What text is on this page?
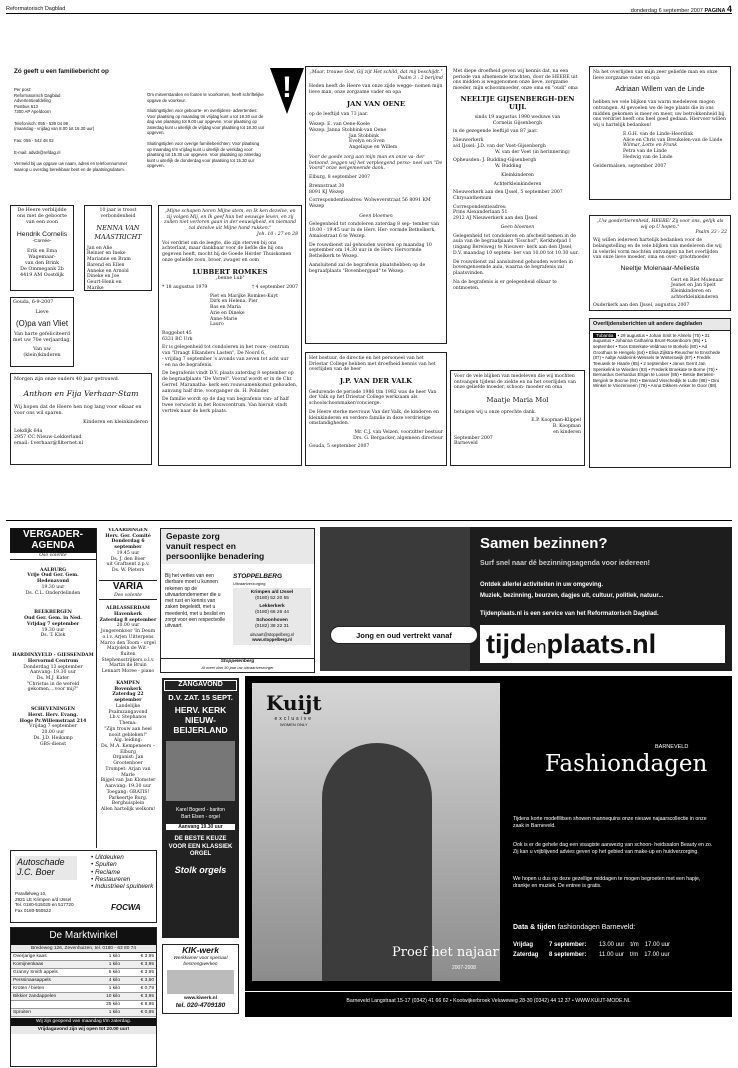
Reformatorisch Dagblad	donderdag 6 september 2007 PAGINA 4
Zó geeft u een familiebericht op
Per post:
Reformatorisch Dagblad
Advertentieafdeling
Postbus 613
7300 AP Apeldoorn
Telefonisch: 055 - 539 04 99
(maandag - vrijdag van 8.00 tot 16.30 uur)
Fax: 055 - 542 48 02
E-mail: advdr@refdag.nl
Vermeld bij uw opgave uw naam, adres en telefoonnummer waarop u overdag bereikbaar bent en de plaatsingsdatum.
Om misverstanden en fouten te voorkomen, heeft schriftelijke opgave de voorkeur.
Sluitingstijden voor geboorte- en overlijdens- advertenties: Voor plaatsing op maandag tm vrijdag kunt u tot 18.30 uur de dag van plaatsing tot 9.00 uur opgeven. Voor plaatsing op zaterdag kunt u uiterlijk de vrijdag voor plaatsing tot 18.30 uur opgeven.
Sluitingstijden voor overige familieberichten: Voor plaatsing op maandag t/m vrijdag kunt u uiterlijk de werkdag voor plaatsing tot 15.30 uur opgeven. Voor plaatsing op zaterdag kunt u uiterlijk de donderdag voor plaatsing tot 15.30 uur opgeven.
!
De Heere verblijdde
ons met de geboorte
van een zoon
Hendrik Cornelis
-Cornée-
Erik en Ema
Wagemaar-
van den Brink
De Ommegank 2b
4419 AM Oostdijk
10 jaar is troost
verbondenheid
NENNA VAN MAASTRICHT
Jan en Alie
Reinier en Ineke
Marianne en Bram
Barend en Ellen
Anneke en Arnold
Dineke en Joe
Geurt-Henk en
Marike
Gouda, 6-9-2007
Lieve
(O)pa van Vliet
Van harte gefeliciteerd
met uw 70e verjaardag.
Van uw
(klein)kinderen
Morgen zijn onze ouders 40 jaar getrouwd.
Anthon en Fija Verhaar-Stam
Wij hopen dat de Heere hen nog lang voor elkaar en voor ons wil sparen.
Kinderen en kleinkinderen
Lekdijk 64a
2957 CC Nieuw-Lekkerland
email: f.verhaar@filternet.nl
„Mijne schapen horen Mijne stem, en Ik ken dezelve, en zij volgen Mij, en Ik geef hun het eeuwige leven, en zij zullen niet verloren gaan in der eeuwigheid, en niemand zal dezelve uit Mijne hand rukken."
Joh. 10 : 27 en 28
Voi verdriet om de leegte, die zijn sterven bij ons achterlaat, maar dankbaar voor de liefde die hij ons gegeven heeft, mocht hij de Goede Herder Thuiskomen onze geliefde zoon, broer, zwager en oom
LUBBERT ROMKES
„benne Lub"
* 18 augustus 1979	† 4 september 2007
Piet en Marijke Romkes-Kuyt
Dirk en Helena, Pier
Bas en Maria
Arie en Dineke
Anne-Marie
Lauro
Roggebot 45
6331 BC Urk
Er is gelegenheid tot condoleren in het rouw- centrum van "Draagt Elkanders Lasten", De Noord 6,
- vrijdag 7 september 's avonds van zeven tot acht uur
- en na de begrafenis.
De begrafenis vindt D.V. plaats zaterdag 8 september op de begraafplaats "De Vorrel". Vooraf wordt er in de Chr. Gerref. Maranatha- kerk een rouwsamenkomst gehouden, aanvang half drie, voorganger ds. H. Polinder.
De familie wordt op de dag van begrafenis van- af half twee verwacht in het Rouwcentrum. Van hieruit vindt vertrek naar de kerk plaats.
„Maar, trouwe God, Gij zijt Het schild, dat mij beschijdt."
Psalm 3 : 2 berijmd
Heden heeft de Heere van onze zijde wegge- nomen mijn lieve man, onze zorgzame vader en opa
JAN VAN OENE
op de leeftijd van 73 jaar.
Wezep: E. van Oene-Koele
Wezep: Janna Stobbink-van Oene
Jan Stobbink
Evelyn en Sven
Angelique en Willem
Voor de goede zorg aan mijn man en onze va- der betoond, zeggen wij het verpleegend perso- neel van "De Voord" onze welgemeende dank.
Elburg, 8 september 2007
Brennstraat 30
8091 KJ Wezep
Correspondentieadres: Wolweverstraat 56 8091 KM Wezep
Geen bloemen
Gelegenheid tot condoleren zaterdag 8 sep- tember van 19.00 - 19.45 uur in de Herv. Her- vormde Bethelkerk, Amalostraat 6 te Wezep.
De rouwdienst zal gehouden worden op maandag 10 september om 14.30 uur in de Herv. Hervormde Bethelkerk te Wezep.
Aansluitend zal de begrafenis plaatshebben op de begraafplaats "Bovenbergpad" te Wezep.
Het bestuur, de directie en het personeel van het Driestar College hebben met droefheid kennis van het overlijden van de heer
J.P. VAN DER VALK
Gedurende de periode 1986 t/m 1982 was de heer Van der Valk op het Driestar College werkzaam als schoolschoonmaker/concierge.
De Heere sterke mevrouw Van der Valk, de kinderen en kleinkinderen en verdere familie in deze verdrietige omstandigheden.
Mr. C.J. van Velzen, voorzitter bestuur
Drs. G. Bergacker, algemeen directeur
Gouda, 5 september 2007
Met diepe droefheid geven wij kennis dat, na een periode van afnemende krachten, door de HEERE uit ons midden is weggenomen onze lieve, zorgzame moeder, mijn schoonmoeder, onze oma en "oudi" oma
NEELTJE GIJSENBERGH-DEN UIJL
sinds 19 augustus 1990 weduwe van
Cornelis Gijsenbergh
in de gezegende leeftijd van 87 jaar.
Nieuwerkerk
a/d IJssel: J.D. van der Voet-Gijsenbergh
W. van der Voet (in herinnering)
Opheusden: J. Budding-Gijsenbergh
W. Budding
Kleinkinderen
Achterkleinkinderen
Nieuwerkerk aan den IJssel, 5 september 2007
Chrysanthemum
Correspondentieadres:
Prins Alexanderlaan 51
2912 AJ Nieuwerkerk aan den IJssel
Geen bloemen
Gelegenheid tot condoleren en afscheid nemen in de aula van de begraafplaats "Esschof", Kerkhofpad 1 (ingang Bereiweg) te Nieuwer- kerk aan den IJssel, D.V. maandag 10 septem- ber van 10.00 tot 10.30 uur.
De rouwdienst zal aansluitend gehouden worden in bovengenoemde aula, waarna de begrafenis zal plaatsvinden.
Na de begrafenis is er gelegenheid elkaar te ontmoeten.
Voor de vele blijken van medeleven die wij mochten ontvangen tijdens de ziekte en na het overlijden van onze geliefde moeder, schoon- moeder en oma
Maatje Maria Mol
betuigen wij u onze oprechte dank.
E.P. Koopman-Klippel
B. Koopman
en kinderen
September 2007
Barneveld
Na het overlijden van mijn zeer geliefde man en onze lieve zorgzame vader en opa
Adriaan Willem van de Linde
hebben we vele blijken van warm medeleven mogen ontvangen. Al gevoelen we de lege plaats die in ons midden gekomen is meer en meer, uw betrokkenheid bij ons verdriet heeft ons heel goed gedaan. Hiervoor willen wij u hartelijk bedanken!
E.G.H. van de Linde-Heerdink
Alice en Chris van Breukelen-van de Linde
Wilmar, Lotte en Frank
Petra van de Linde
Hedwig van de Linde
Geldermalsen, september 2007
„Uw goedertierenheid, HEERE! Zij voor ons, gelijk als wij op U hopen."
Psalm 33 : 22
Wij willen iedereen hartelijk bedanken voor de belangstelling en de vele blijken van medeleven die wij in velerlei vorm mochten ontvangen na het overlijden van onze lieve moeder, oma en over- grootmoeder
Neeltje Molenaar-Melieste
Gert en Riet Molenaar
Jeanet en Jan Spelt
Kleinkinderen en
achterkleinkinderen
Ouderkerk aan den IJssel, augustus 2007
Overlijdensberichten uit andere dagbladen
Tubantia • 29 augustus • Johan Smit te Almelo (75) • 31 augustus • Johanna Catharina Brunt-Rosenboom (85) • 1 september • Toos Esterkate-Veldman te Borkelo (80) • Ad Groothuis te Hengelo (64) • Elisa Zijlstra-Reuscher te Enschede (87) • Aaltje Aalderink-Wessels te Winterswijk (87) • Fredrik Teeuwsk te Haarle (85) • 2 september • Janus Gerrit Jan Spenkelink te Wierden (93) • Frederik Broekate te Borne (76) • Bernardus Gerhardus Elsjan te Losser (85) • Betsie Bertelen-Bergink te Bocme (84) • Bernard Visschedijk te Lutte (88) • Dini Winkel te Vriezenveen (79) • Anna Dikkers-Anker te Goor (88).
VERGADER-AGENDA
Oso volente
AALBURG
Vrije Oud Ger. Gem.
Hedenavond
19.30 uur
Ds. C.L. Onderdelinden
BEEKBERGEN
Oud Ger. Gem. in Ned.
Vrijdag 7 september
19.30 uur
Ds. T. Klok
HARDINXVELD - GIESSENDAM
Hervormd Centrum
Donderdag 13 september
Aanvang: 19.30 uur
Ds. M.J. Kater
"Christus in de wereld
gekomen....voor mij?"
SCHEVENINGEN
Herst. Herv. Evang.
Hoge Pr.Willemstraat 214
Vrijdag 7 september
20.00 uur
Ds. J.D. Heikamp
GBS-dienst
VLAARDINGEN
Herv. Ger. Comité
Donderdag 6 september
19.45 uur
Ds. J. den Boer
uit Graftsent z.p.v.
Ds. W. Pieters
VARIA
Deo volente
ALBLASSERDAM
Havenkerk
Zaterdag 8 september
20.00 uur
Jongerenkoor 'In Deum
o.l.v. Arjen Uitterpens
Marco den Toom - orgel
Marjolein de Wit - fluiten
Stephensstrijkers o.l.v.
Martin de Bruin
Lennart Moree - piano
KAMPEN
Bovenkerk
Zaterdag 22 september
Landelijke
Psalmzangavond
l.b.v. Stephanos
Thema:
"Zijn trouw aan heel
nooit gebleken!"
Alg. leiding:
Ds. M.A. Kempeneers –
Elburg
Organist: Jan Grootenboer
Trompet: Arjan van Marle
Bijgel.van Jan Klomster
Aanvang: 19.30 uur
Toegang: GRATIS!
Parkeertje Burg.
Berghuisplein
Allen hartelijk welkom!
Autoschade J.C. Boer
• Uitdeuken
• Spuiten
• Reclame
• Restaureren
• Industrieel spuitwerk
Parallelweg 10,
2921 LE Krimpen a/d IJssel
Tel. 0180-515025 en 517720
Fax 0180-550522	FOCWA
De Marktwinkel
Bredeweg 126, Zevenhuizen, tel. 0180 - 63 80 74
Overjarige kaas	1 kilo	€ 3,95
Komijnenkaas	1 kilo	€ 3,95
Granny Smith appels	5 kilo	€ 3,95
Perssinaasappels	4 kilo	€ 3,50
Kroten / bieten	1 kilo	€ 0,79
Bikkier zandappelen	10 kilo	€ 3,95
25 kilo	€ 8,95
Spruiten	1 kilo	€ 0,85
Wij zijn geopend van maandag t/m zaterdag.
Vrijdagavond zijn wij open tot 20.00 uur!
Gepaste zorg
vanuit respect en
persoonlijke benadering
Bij het verlies van een dierbare moet u kunnen rekenen op de uitvaartondernemer die u met rust en kennis van zaken begeleidt, met u meedenkt, met u beslist en zorgt voor een respectvolle uitvaart.
STOPPELBERG
Uitvaartverzorging
Krimpen a/d IJssel
(0180) 52 20 55
Lekkerkerk
(0180) 66 26 44
Schoonhoven
(0182) 38 22 31
uitvaart@stoppelberg.nl
www.stoppelberg.nl
Stoppelenberg
Al meer dan 30 jaar uw uitvaartverzorger
Samen bezinnen?
Surf snel naar dé bezinningsagenda voor iedereen!
Ontdek allerlei activiteiten in uw omgeving.
Muziek, bezinning, beurzen, dagjes uit, cultuur, politiek, natuur...
Tijdenplaats.nl is een service van het Reformatorisch Dagblad.
tijdenplaats.nl
Jong en oud vertrekt vanaf
ZANGAVOND
D.V. ZAT. 15 SEPT.
HERV. KERK
NIEUW-
BEIJERLAND
Karel Bogerd - bariton
Bart Elsen - orgel
Aanvang 19.30 uur
DE BESTE KEUZE VOOR EEN KLASSIEK ORGEL
Stolk orgels
KIK-werk
Werkkamer voor speciaal bestrengwerken
www.kiwerk.nl
tel. 020-4709180
Kuijt
exclusive
WOMEN ONLY
Proef het najaar
2007-2008
BARNEVELD
Fashiondagen
Tijdens korte modefilitsen showen mannequins onze nieuwe najaarscollectie in onze zaak in Barneveld.
Ook is er de gehele dag een visagiste aanwezig van schoon- heidssalon Beauty en zo. Zij kan u vrijblijvend advies geven op het gebied van make-up en huidverzorging.
We hopen u dus op deze gezellige middagen te mogen begroeten met een hapje, drankje en muziek. De entree is gratis.
Data & tijden fashiondagen Barneveld:
Vrijdag	7 september:	13.00 uur t/m 17.00 uur
Zaterdag	8 september:	11.00 uur t/m 17.00 uur
Barneveld Langstraat 15-17 (0342) 41 66 62 • Kootwijkerbroek Veluweweg 28-30 (0342) 44 12 37 • WWW.KUIJT-MODE.NL
